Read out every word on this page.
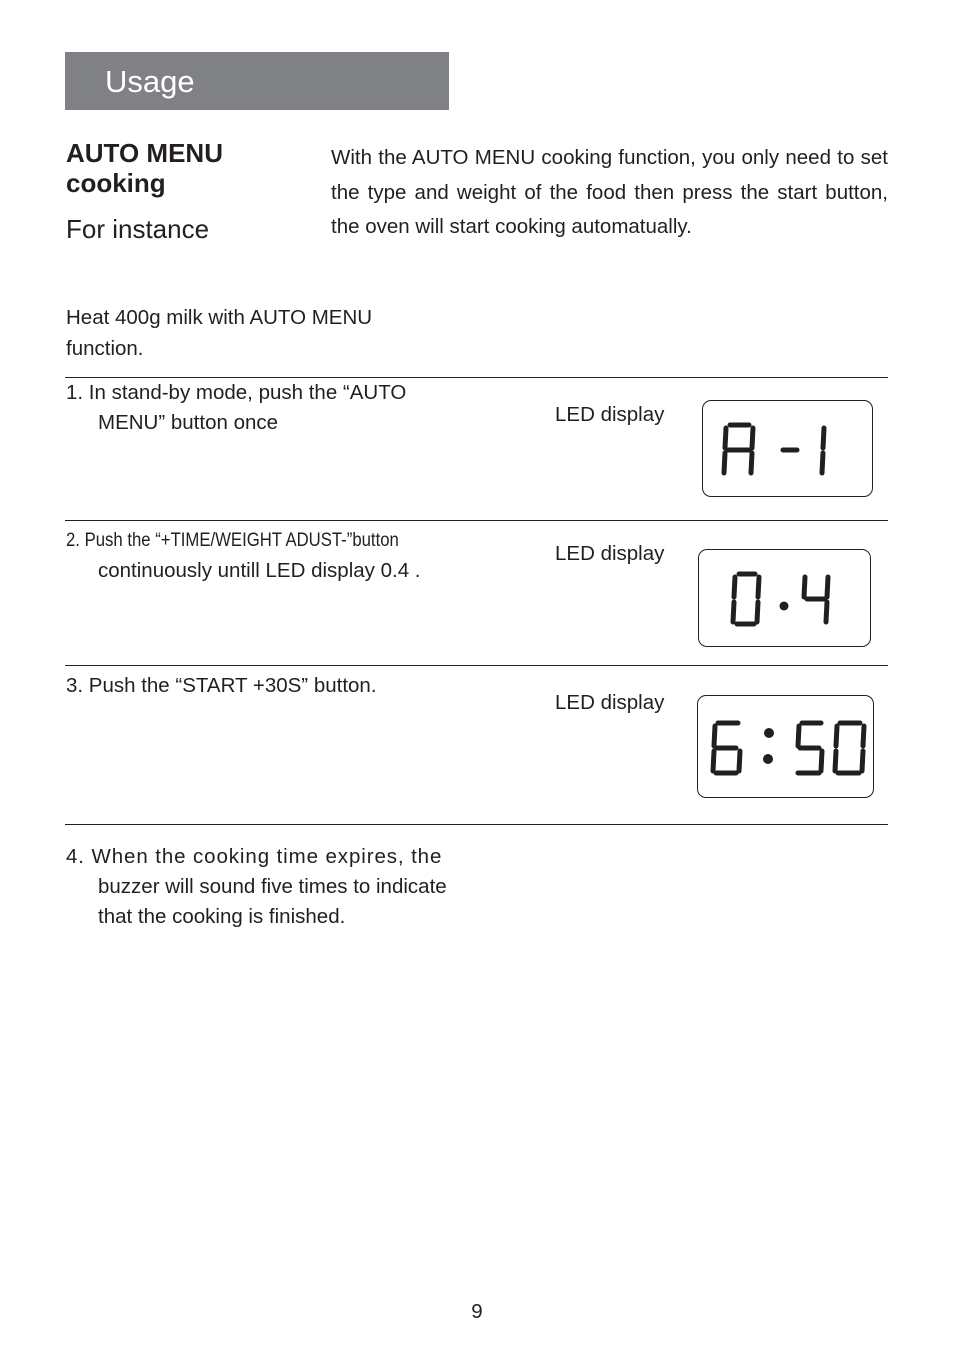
Usage
AUTO MENU cooking
For instance
With the AUTO MENU cooking function, you only need to set the type and weight of the food then press the start button, the oven will start cooking automatually.
Heat 400g milk with AUTO MENU function.
1. In stand-by mode, push the “AUTO
MENU” button once	LED display
2. Push the “+TIME/WEIGHT ADUST-”button
continuously untill LED display 0.4 .
LED display
3. Push the “START +30S” button.
LED display
4. When the cooking time expires, the
buzzer will sound five times to indicate
that the cooking is finished.
9
